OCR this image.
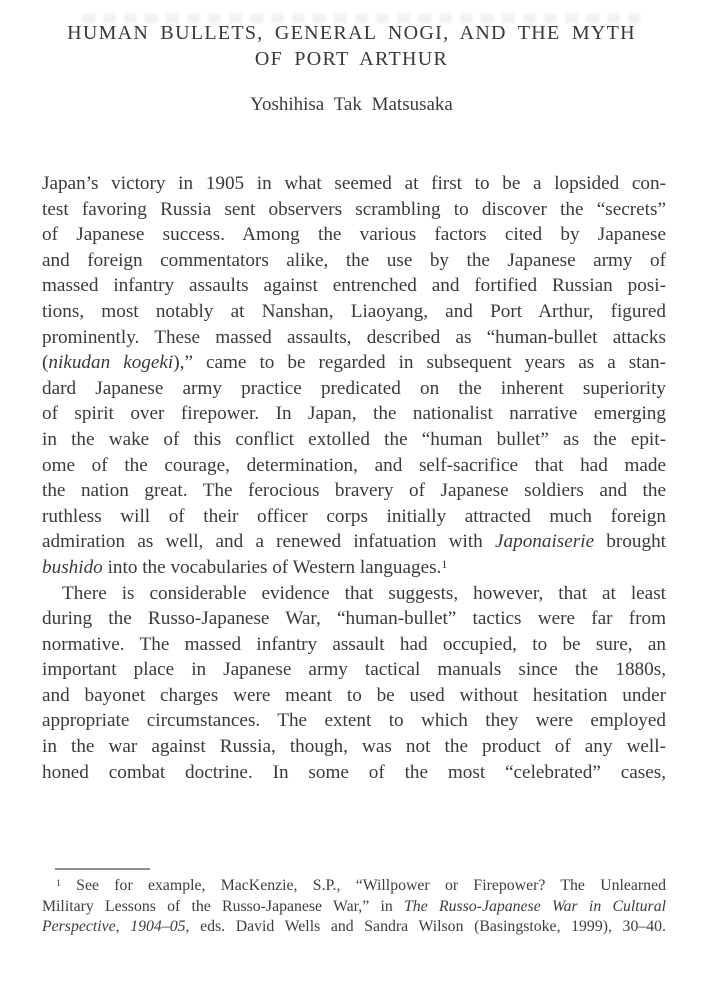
HUMAN BULLETS, GENERAL NOGI, AND THE MYTH
OF PORT ARTHUR
Yoshihisa Tak Matsusaka
Japan’s victory in 1905 in what seemed at first to be a lopsided con-
test favoring Russia sent observers scrambling to discover the “secrets”
of Japanese success. Among the various factors cited by Japanese
and foreign commentators alike, the use by the Japanese army of
massed infantry assaults against entrenched and fortified Russian posi-
tions, most notably at Nanshan, Liaoyang, and Port Arthur, figured
prominently. These massed assaults, described as “human-bullet attacks
(nikudan kogeki),” came to be regarded in subsequent years as a stan-
dard Japanese army practice predicated on the inherent superiority
of spirit over firepower. In Japan, the nationalist narrative emerging
in the wake of this conflict extolled the “human bullet” as the epit-
ome of the courage, determination, and self-sacrifice that had made
the nation great. The ferocious bravery of Japanese soldiers and the
ruthless will of their officer corps initially attracted much foreign
admiration as well, and a renewed infatuation with Japonaiserie brought
bushido into the vocabularies of Western languages.$^1$
There is considerable evidence that suggests, however, that at least
during the Russo-Japanese War, “human-bullet” tactics were far from
normative. The massed infantry assault had occupied, to be sure, an
important place in Japanese army tactical manuals since the 1880s,
and bayonet charges were meant to be used without hesitation under
appropriate circumstances. The extent to which they were employed
in the war against Russia, though, was not the product of any well-
honed combat doctrine. In some of the most “celebrated” cases,
$^1$ See for example, MacKenzie, S.P., “Willpower or Firepower? The Unlearned
Military Lessons of the Russo-Japanese War,” in The Russo-Japanese War in Cultural
Perspective, 1904–05, eds. David Wells and Sandra Wilson (Basingstoke, 1999), 30–40.
